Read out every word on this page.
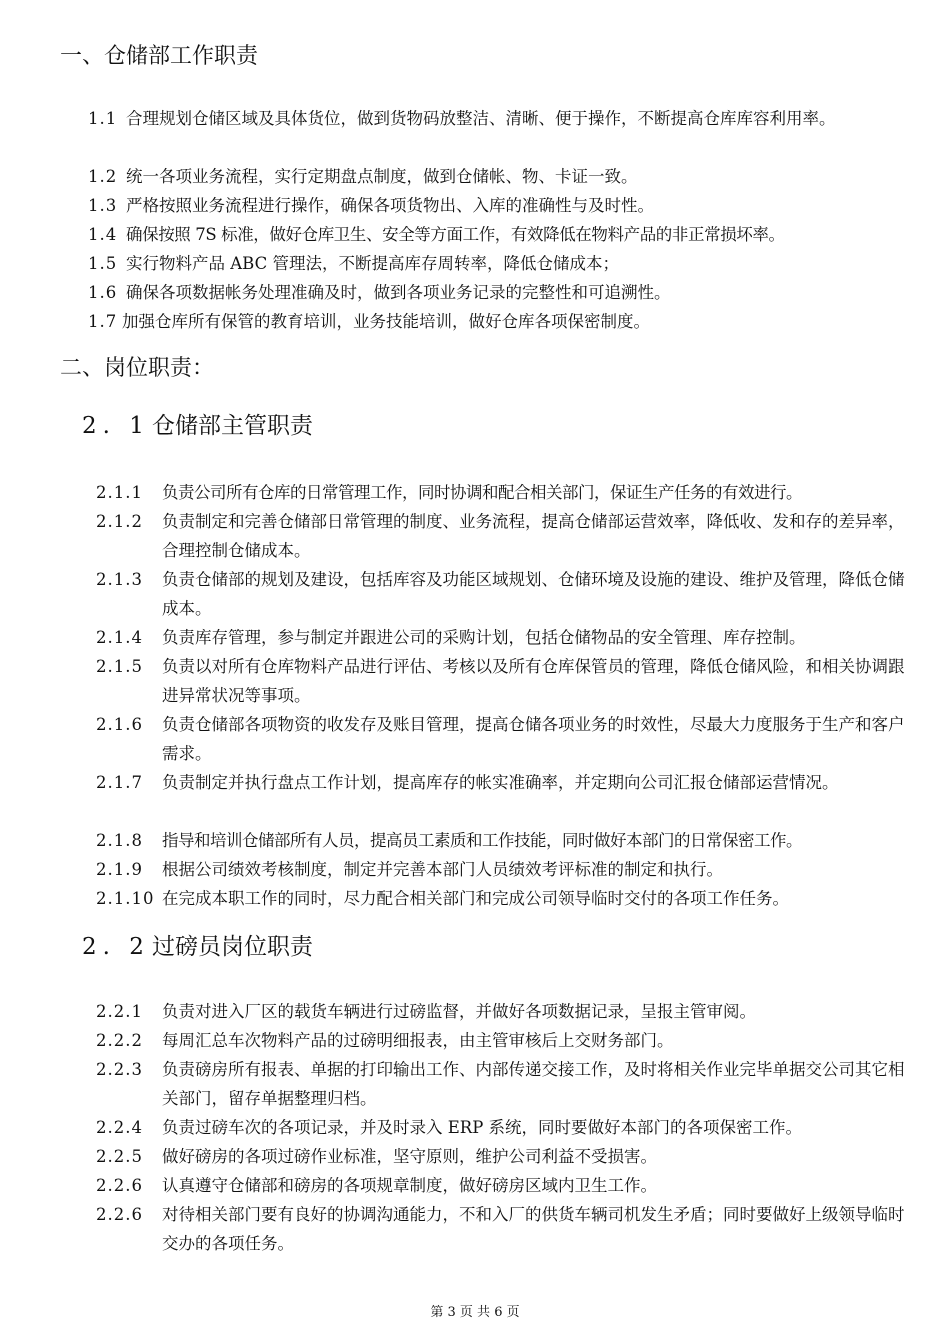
一、仓储部工作职责
1.1 合理规划仓储区域及具体货位，做到货物码放整洁、清晰、便于操作，不断提高仓库库容利用率。
1.2 统一各项业务流程，实行定期盘点制度，做到仓储帐、物、卡证一致。
1.3 严格按照业务流程进行操作，确保各项货物出、入库的准确性与及时性。
1.4 确保按照 7S 标准，做好仓库卫生、安全等方面工作，有效降低在物料产品的非正常损坏率。
1.5 实行物料产品 ABC 管理法，不断提高库存周转率，降低仓储成本；
1.6 确保各项数据帐务处理准确及时，做到各项业务记录的完整性和可追溯性。
1.7 加强仓库所有保管的教育培训，业务技能培训，做好仓库各项保密制度。
二、岗位职责：
2. 1仓储部主管职责
2.1.1	负责公司所有仓库的日常管理工作，同时协调和配合相关部门，保证生产任务的有效进行。
2.1.2	负责制定和完善仓储部日常管理的制度、业务流程，提高仓储部运营效率，降低收、发和存的差异率，合理控制仓储成本。
2.1.3	负责仓储部的规划及建设，包括库容及功能区域规划、仓储环境及设施的建设、维护及管理，降低仓储成本。
2.1.4	负责库存管理，参与制定并跟进公司的采购计划，包括仓储物品的安全管理、库存控制。
2.1.5	负责以对所有仓库物料产品进行评估、考核以及所有仓库保管员的管理，降低仓储风险，和相关协调跟进异常状况等事项。
2.1.6	负责仓储部各项物资的收发存及账目管理，提高仓储各项业务的时效性，尽最大力度服务于生产和客户需求。
2.1.7	负责制定并执行盘点工作计划，提高库存的帐实准确率，并定期向公司汇报仓储部运营情况。
2.1.8	指导和培训仓储部所有人员，提高员工素质和工作技能，同时做好本部门的日常保密工作。
2.1.9	根据公司绩效考核制度，制定并完善本部门人员绩效考评标准的制定和执行。
2.1.10 在完成本职工作的同时，尽力配合相关部门和完成公司领导临时交付的各项工作任务。
2. 2过磅员岗位职责
2.2.1	负责对进入厂区的载货车辆进行过磅监督，并做好各项数据记录，呈报主管审阅。
2.2.2	每周汇总车次物料产品的过磅明细报表，由主管审核后上交财务部门。
2.2.3	负责磅房所有报表、单据的打印输出工作、内部传递交接工作，及时将相关作业完毕单据交公司其它相关部门，留存单据整理归档。
2.2.4	负责过磅车次的各项记录，并及时录入 ERP 系统，同时要做好本部门的各项保密工作。
2.2.5	做好磅房的各项过磅作业标准，坚守原则，维护公司利益不受损害。
2.2.6	认真遵守仓储部和磅房的各项规章制度，做好磅房区域内卫生工作。
2.2.6	对待相关部门要有良好的协调沟通能力，不和入厂的供货车辆司机发生矛盾；同时要做好上级领导临时交办的各项任务。
第 3 页 共 6 页
